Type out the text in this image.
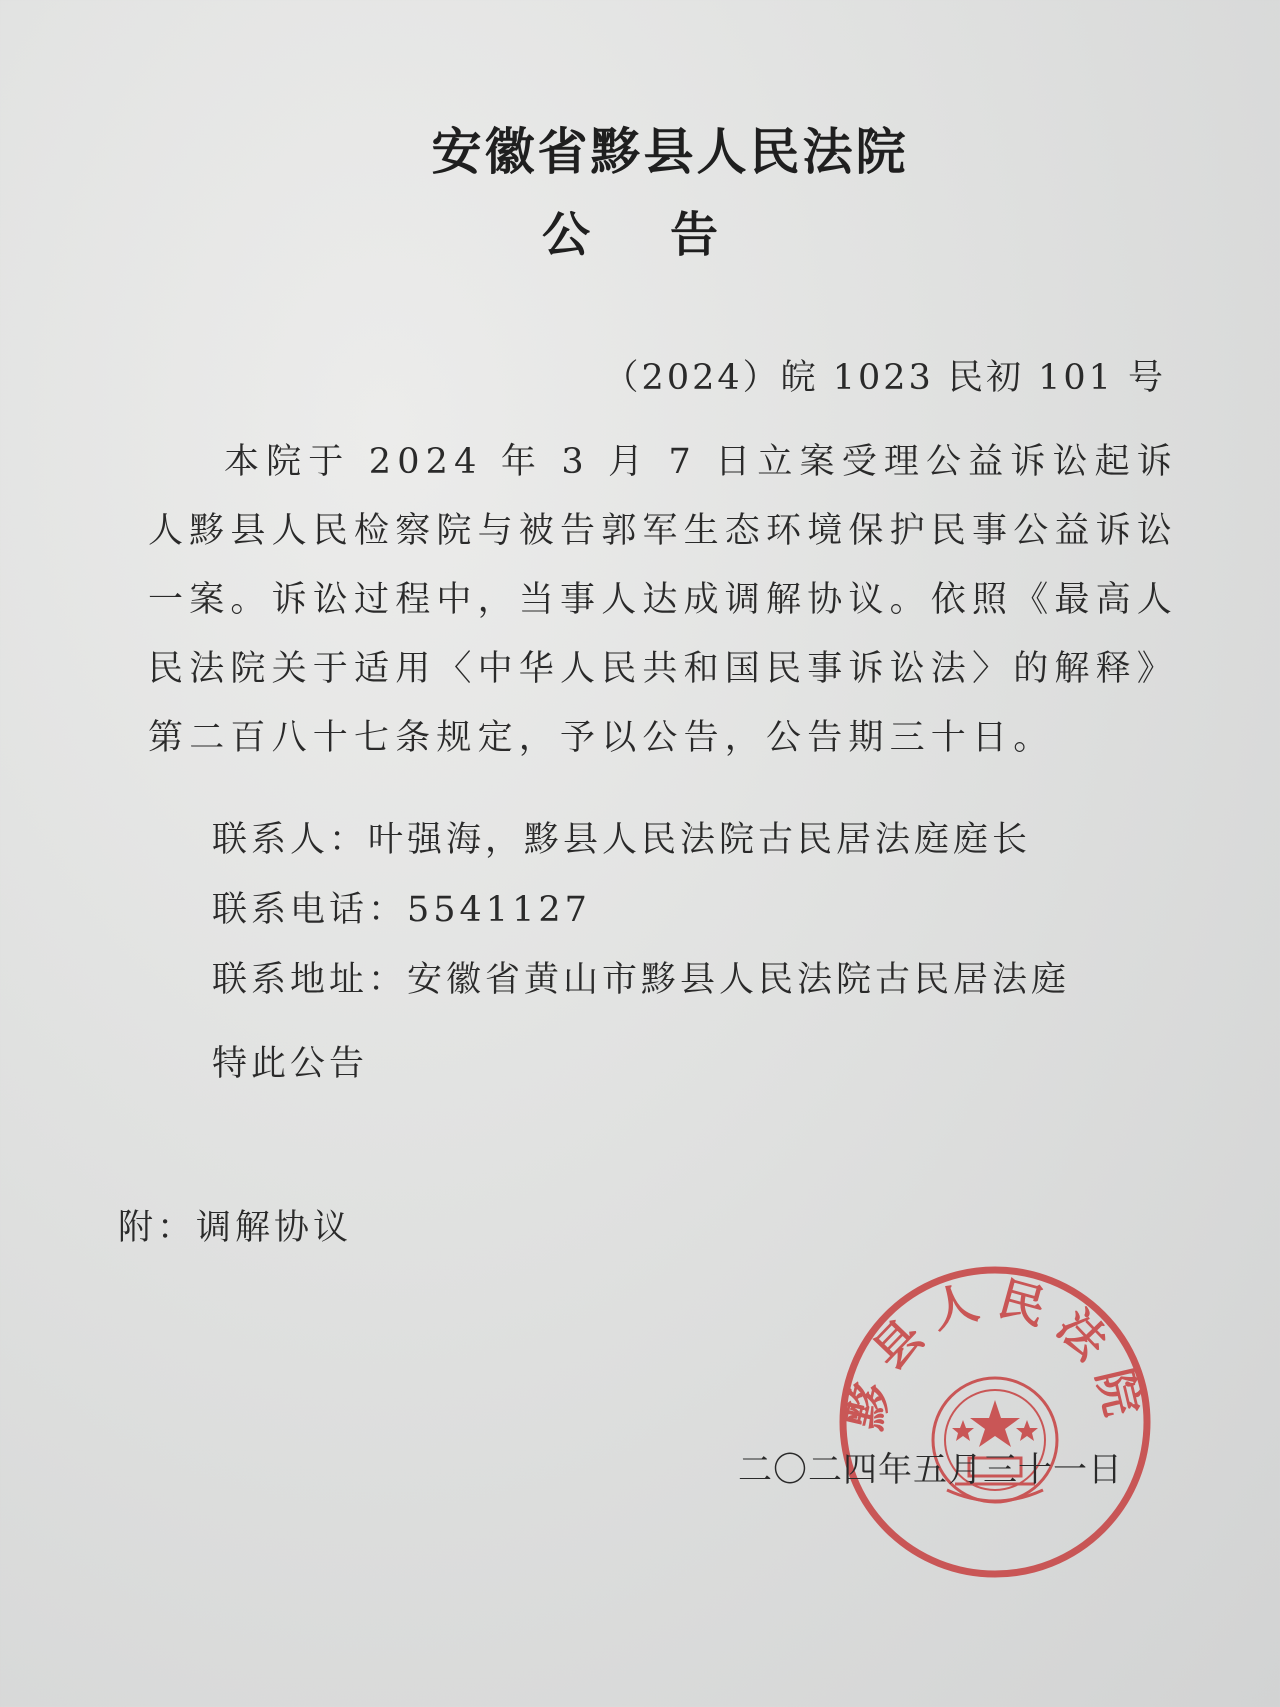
安徽省黟县人民法院
公告

（2024）皖 1023 民初 101 号

本院于 2024 年 3 月 7 日立案受理公益诉讼起诉人黟县人民检察院与被告郭军生态环境保护民事公益诉讼一案。诉讼过程中，当事人达成调解协议。依照《最高人民法院关于适用〈中华人民共和国民事诉讼法〉的解释》第二百八十七条规定，予以公告，公告期三十日。

联系人：叶强海，黟县人民法院古民居法庭庭长

联系电话：5541127

联系地址：安徽省黄山市黟县人民法院古民居法庭

特此公告

附：调解协议

黟县人民法院

二〇二四年五月三十一日
